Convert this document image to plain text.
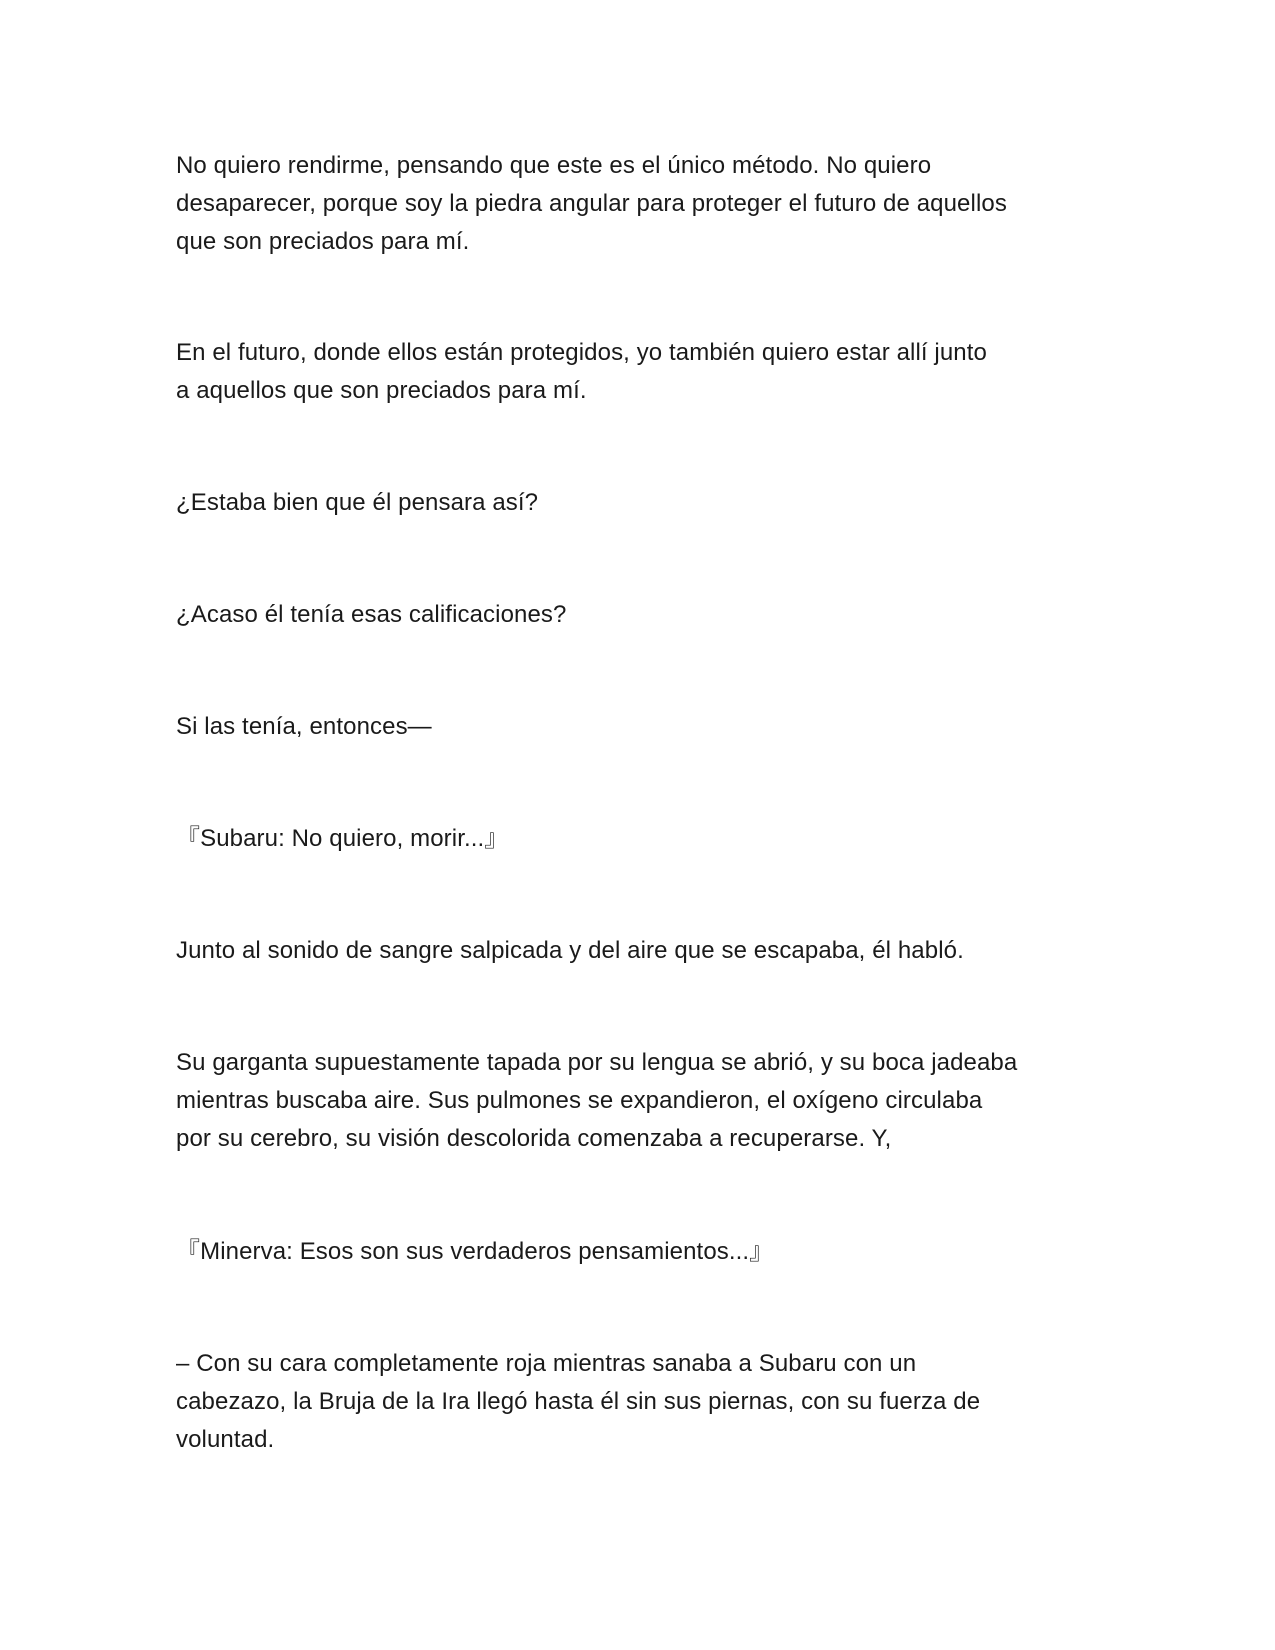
No quiero rendirme, pensando que este es el único método. No quiero
desaparecer, porque soy la piedra angular para proteger el futuro de aquellos
que son preciados para mí.

En el futuro, donde ellos están protegidos, yo también quiero estar allí junto
a aquellos que son preciados para mí.

¿Estaba bien que él pensara así?

¿Acaso él tenía esas calificaciones?

Si las tenía, entonces—

『Subaru: No quiero, morir...』

Junto al sonido de sangre salpicada y del aire que se escapaba, él habló.

Su garganta supuestamente tapada por su lengua se abrió, y su boca jadeaba
mientras buscaba aire. Sus pulmones se expandieron, el oxígeno circulaba
por su cerebro, su visión descolorida comenzaba a recuperarse. Y,

『Minerva: Esos son sus verdaderos pensamientos...』

– Con su cara completamente roja mientras sanaba a Subaru con un
cabezazo, la Bruja de la Ira llegó hasta él sin sus piernas, con su fuerza de
voluntad.
